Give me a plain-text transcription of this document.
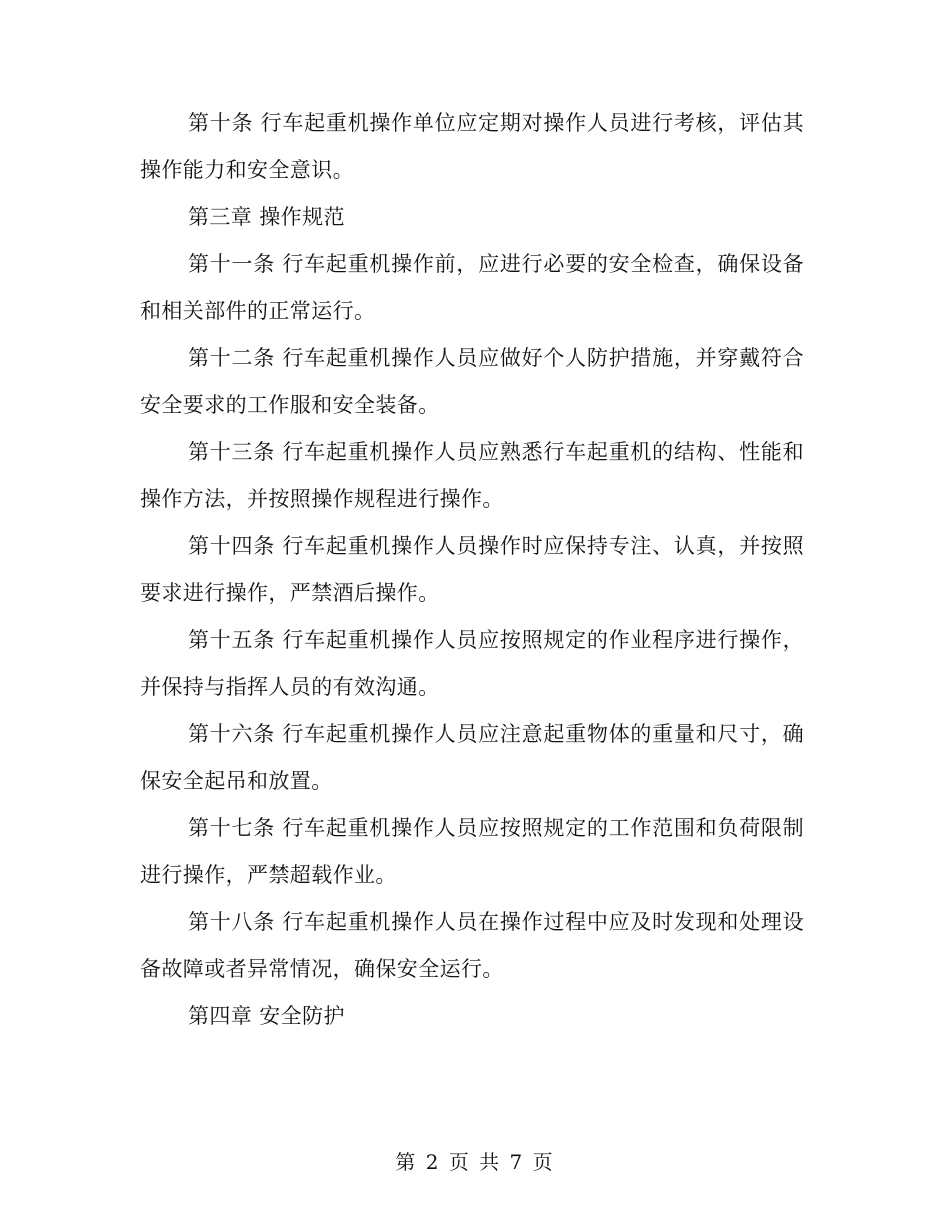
第十条 行车起重机操作单位应定期对操作人员进行考核，评估其操作能力和安全意识。

第三章 操作规范

第十一条 行车起重机操作前，应进行必要的安全检查，确保设备和相关部件的正常运行。

第十二条 行车起重机操作人员应做好个人防护措施，并穿戴符合安全要求的工作服和安全装备。

第十三条 行车起重机操作人员应熟悉行车起重机的结构、性能和操作方法，并按照操作规程进行操作。

第十四条 行车起重机操作人员操作时应保持专注、认真，并按照要求进行操作，严禁酒后操作。

第十五条 行车起重机操作人员应按照规定的作业程序进行操作，并保持与指挥人员的有效沟通。

第十六条 行车起重机操作人员应注意起重物体的重量和尺寸，确保安全起吊和放置。

第十七条 行车起重机操作人员应按照规定的工作范围和负荷限制进行操作，严禁超载作业。

第十八条 行车起重机操作人员在操作过程中应及时发现和处理设备故障或者异常情况，确保安全运行。

第四章 安全防护

第 2 页 共 7 页
